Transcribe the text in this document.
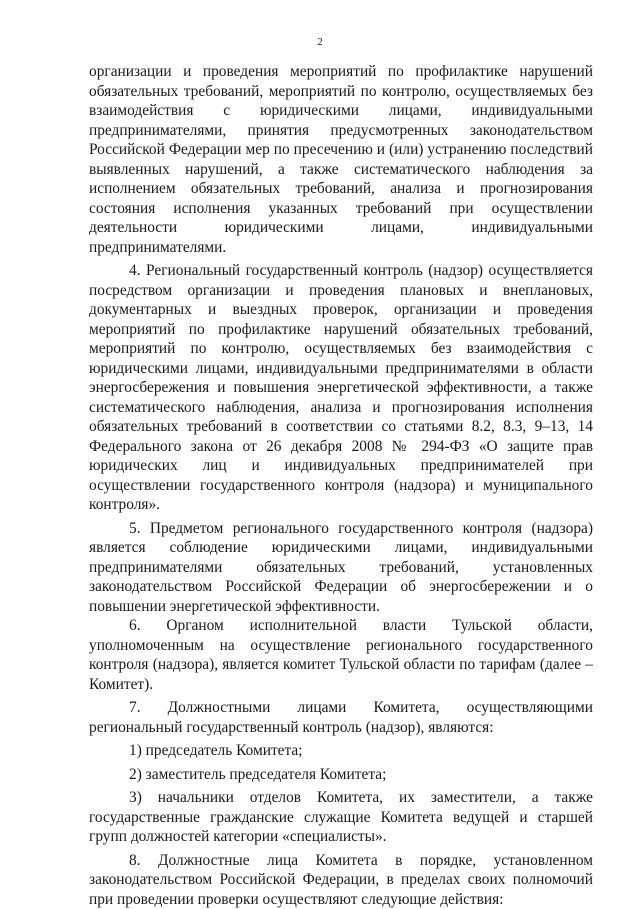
2

организации и проведения мероприятий по профилактике нарушений обязательных требований, мероприятий по контролю, осуществляемых без взаимодействия с юридическими лицами, индивидуальными предпринимателями, принятия предусмотренных законодательством Российской Федерации мер по пресечению и (или) устранению последствий выявленных нарушений, а также систематического наблюдения за исполнением обязательных требований, анализа и прогнозирования состояния исполнения указанных требований при осуществлении деятельности юридическими лицами, индивидуальными предпринимателями.

4. Региональный государственный контроль (надзор) осуществляется посредством организации и проведения плановых и внеплановых, документарных и выездных проверок, организации и проведения мероприятий по профилактике нарушений обязательных требований, мероприятий по контролю, осуществляемых без взаимодействия с юридическими лицами, индивидуальными предпринимателями в области энергосбережения и повышения энергетической эффективности, а также систематического наблюдения, анализа и прогнозирования исполнения обязательных требований в соответствии со статьями 8.2, 8.3, 9–13, 14 Федерального закона от 26 декабря 2008 № 294-ФЗ «О защите прав юридических лиц и индивидуальных предпринимателей при осуществлении государственного контроля (надзора) и муниципального контроля».

5. Предметом регионального государственного контроля (надзора) является соблюдение юридическими лицами, индивидуальными предпринимателями обязательных требований, установленных законодательством Российской Федерации об энергосбережении и о повышении энергетической эффективности.

6. Органом исполнительной власти Тульской области, уполномоченным на осуществление регионального государственного контроля (надзора), является комитет Тульской области по тарифам (далее – Комитет).

7. Должностными лицами Комитета, осуществляющими региональный государственный контроль (надзор), являются:

1) председатель Комитета;

2) заместитель председателя Комитета;

3) начальники отделов Комитета, их заместители, а также государственные гражданские служащие Комитета ведущей и старшей групп должностей категории «специалисты».

8. Должностные лица Комитета в порядке, установленном законодательством Российской Федерации, в пределах своих полномочий при проведении проверки осуществляют следующие действия:
